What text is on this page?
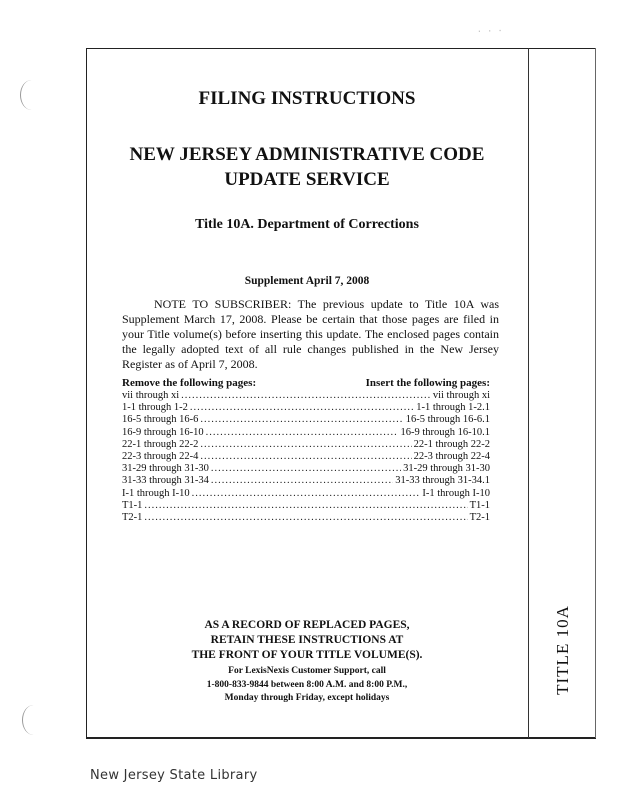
· · ·
TITLE 10A
FILING INSTRUCTIONS
NEW JERSEY ADMINISTRATIVE CODE
UPDATE SERVICE
Title 10A. Department of Corrections
Supplement April 7, 2008
NOTE TO SUBSCRIBER: The previous update to Title 10A was Supplement March 17, 2008. Please be certain that those pages are filed in your Title volume(s) before inserting this update. The enclosed pages contain the legally adopted text of all rule changes published in the New Jersey Register as of April 7, 2008.
Remove the following pages:	Insert the following pages:
vii through xi .....	vii through xi
1-1 through 1-2 .....	1-1 through 1-2.1
16-5 through 16-6 .....	16-5 through 16-6.1
16-9 through 16-10 .....	16-9 through 16-10.1
22-1 through 22-2 .....	22-1 through 22-2
22-3 through 22-4 .....	22-3 through 22-4
31-29 through 31-30 .....	31-29 through 31-30
31-33 through 31-34 .....	31-33 through 31-34.1
I-1 through I-10 .....	I-1 through I-10
T1-1 .....	T1-1
T2-1 .....	T2-1
AS A RECORD OF REPLACED PAGES,
RETAIN THESE INSTRUCTIONS AT
THE FRONT OF YOUR TITLE VOLUME(S).
For LexisNexis Customer Support, call
1-800-833-9844 between 8:00 A.M. and 8:00 P.M.,
Monday through Friday, except holidays
New Jersey State Library
